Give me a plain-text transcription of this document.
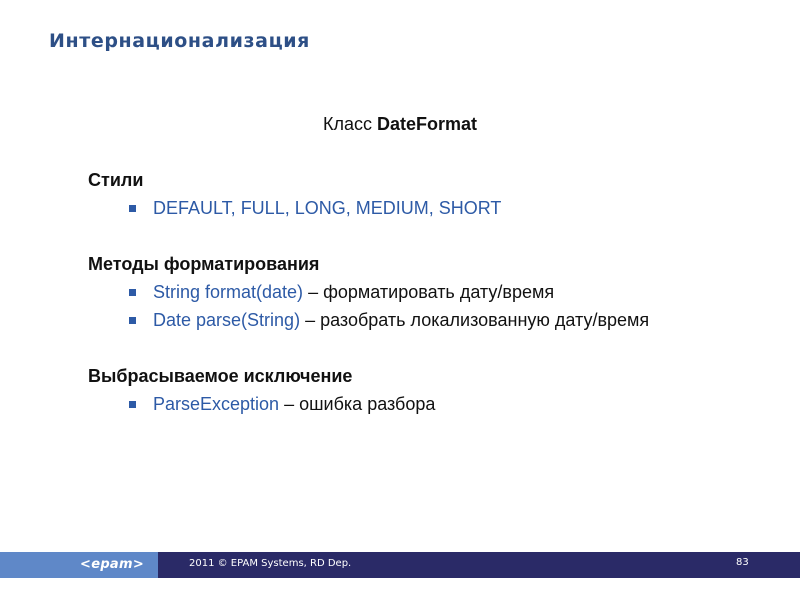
Интернационализация
Класс DateFormat
Стили
DEFAULT, FULL, LONG, MEDIUM, SHORT
Методы форматирования
String format(date) – форматировать дату/время
Date parse(String) – разобрать локализованную дату/время
Выбрасываемое исключение
ParseException – ошибка разбора
<epam>	2011 © EPAM Systems, RD Dep.	83
